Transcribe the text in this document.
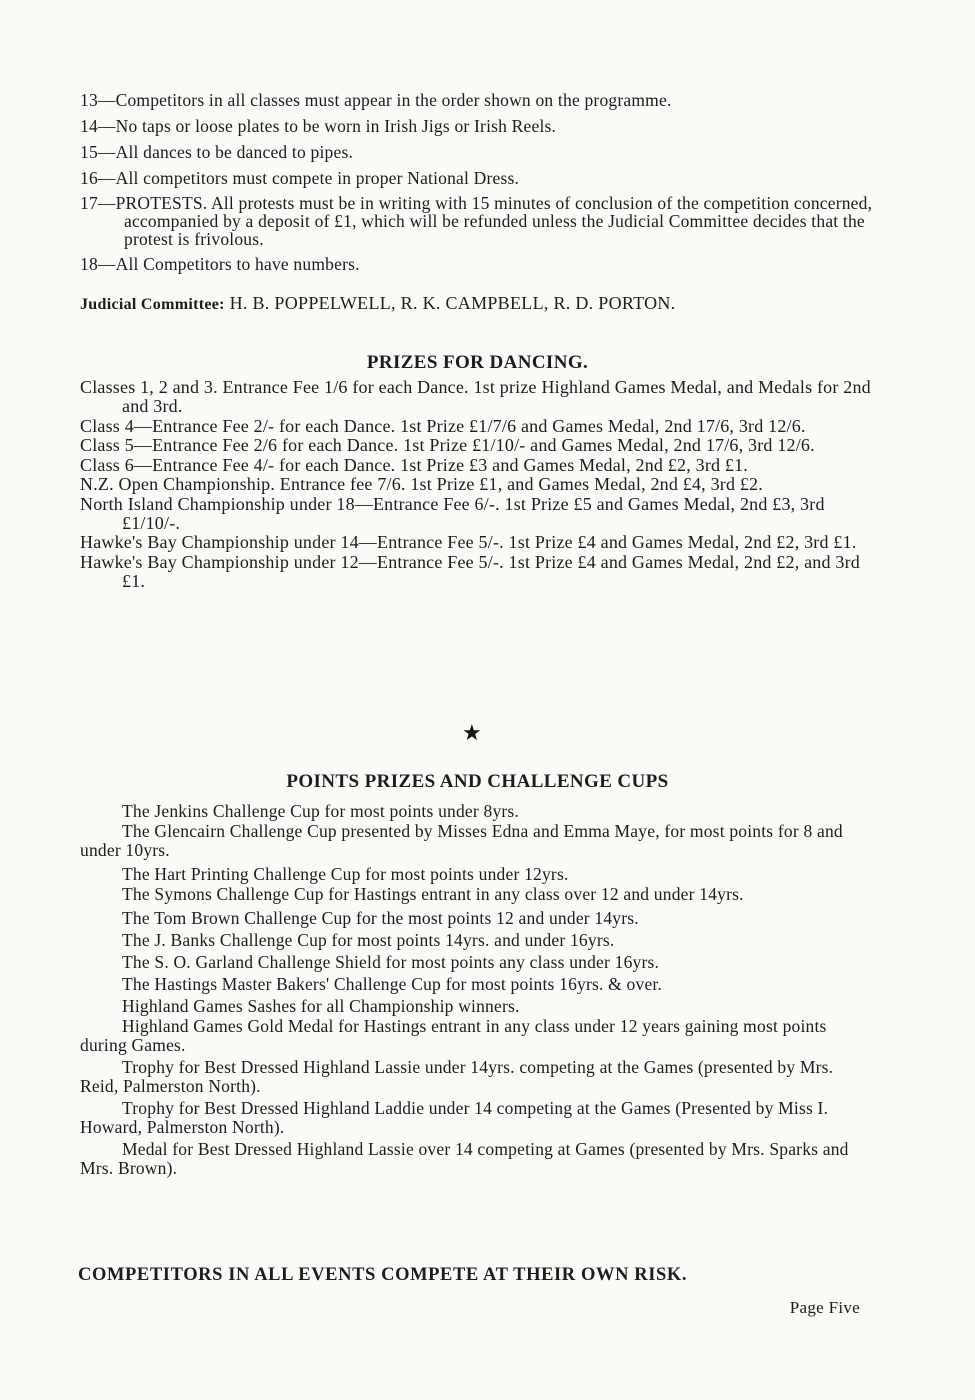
13—Competitors in all classes must appear in the order shown on the programme.
14—No taps or loose plates to be worn in Irish Jigs or Irish Reels.
15—All dances to be danced to pipes.
16—All competitors must compete in proper National Dress.
17—PROTESTS. All protests must be in writing with 15 minutes of conclusion of the competition concerned, accompanied by a deposit of £1, which will be refunded unless the Judicial Committee decides that the protest is frivolous.
18—All Competitors to have numbers.
Judicial Committee: H. B. POPPELWELL, R. K. CAMPBELL, R. D. PORTON.
PRIZES FOR DANCING.
Classes 1, 2 and 3. Entrance Fee 1/6 for each Dance. 1st prize Highland Games Medal, and Medals for 2nd and 3rd.
Class 4—Entrance Fee 2/- for each Dance. 1st Prize £1/7/6 and Games Medal, 2nd 17/6, 3rd 12/6.
Class 5—Entrance Fee 2/6 for each Dance. 1st Prize £1/10/- and Games Medal, 2nd 17/6, 3rd 12/6.
Class 6—Entrance Fee 4/- for each Dance. 1st Prize £3 and Games Medal, 2nd £2, 3rd £1.
N.Z. Open Championship. Entrance fee 7/6. 1st Prize £1, and Games Medal, 2nd £4, 3rd £2.
North Island Championship under 18—Entrance Fee 6/-. 1st Prize £5 and Games Medal, 2nd £3, 3rd £1/10/-.
Hawke's Bay Championship under 14—Entrance Fee 5/-. 1st Prize £4 and Games Medal, 2nd £2, 3rd £1.
Hawke's Bay Championship under 12—Entrance Fee 5/-. 1st Prize £4 and Games Medal, 2nd £2, and 3rd £1.
★
POINTS PRIZES AND CHALLENGE CUPS
The Jenkins Challenge Cup for most points under 8yrs.
The Glencairn Challenge Cup presented by Misses Edna and Emma Maye, for most points for 8 and under 10yrs.
The Hart Printing Challenge Cup for most points under 12yrs.
The Symons Challenge Cup for Hastings entrant in any class over 12 and under 14yrs.
The Tom Brown Challenge Cup for the most points 12 and under 14yrs.
The J. Banks Challenge Cup for most points 14yrs. and under 16yrs.
The S. O. Garland Challenge Shield for most points any class under 16yrs.
The Hastings Master Bakers' Challenge Cup for most points 16yrs. & over.
Highland Games Sashes for all Championship winners.
Highland Games Gold Medal for Hastings entrant in any class under 12 years gaining most points during Games.
Trophy for Best Dressed Highland Lassie under 14yrs. competing at the Games (presented by Mrs. Reid, Palmerston North).
Trophy for Best Dressed Highland Laddie under 14 competing at the Games (Presented by Miss I. Howard, Palmerston North).
Medal for Best Dressed Highland Lassie over 14 competing at Games (presented by Mrs. Sparks and Mrs. Brown).
COMPETITORS IN ALL EVENTS COMPETE AT THEIR OWN RISK.
Page Five
